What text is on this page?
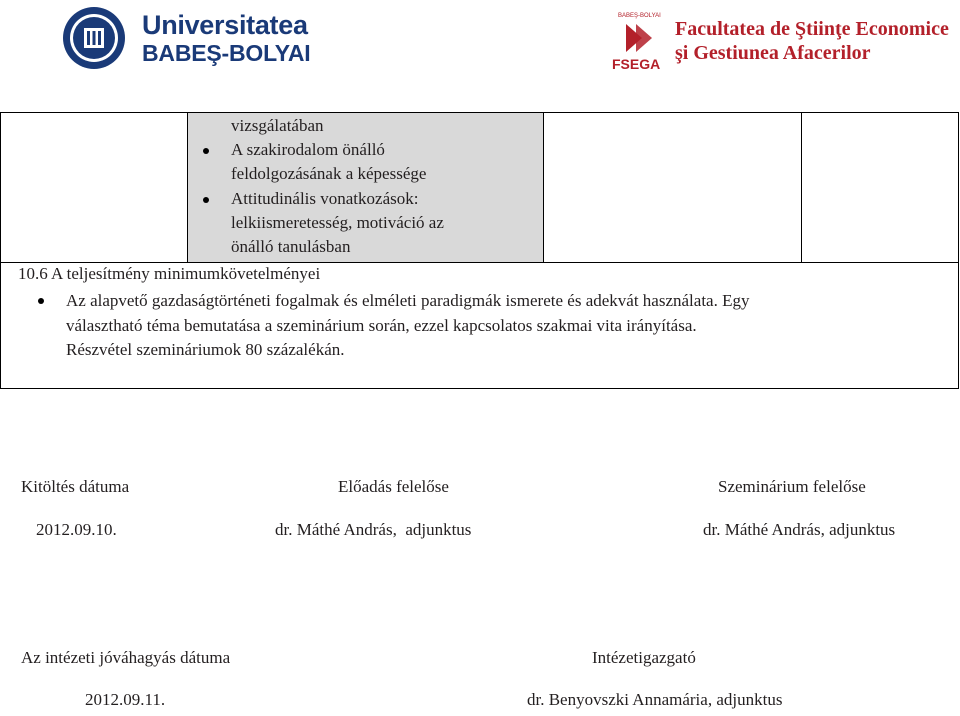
Universitatea
BABEŞ-BOLYAI
BABEŞ-BOLYAI
FSEGA
Facultatea de Ştiinţe Economice
şi Gestiunea Afacerilor
vizsgálatában
A szakirodalom önálló
feldolgozásának a képessége
Attitudinális vonatkozások:
lelkiismeretesség, motiváció az
önálló tanulásban
10.6 A teljesítmény minimumkövetelményei
Az alapvető gazdaságtörténeti fogalmak és elméleti paradigmák ismerete és adekvát használata. Egy
választható téma bemutatása a szeminárium során, ezzel kapcsolatos szakmai vita irányítása.
Részvétel szemináriumok 80 százalékán.
Kitöltés dátuma	Előadás felelőse	Szeminárium felelőse
2012.09.10.	dr. Máthé András,  adjunktus	dr. Máthé András, adjunktus
Az intézeti jóváhagyás dátuma	Intézetigazgató
2012.09.11.	dr. Benyovszki Annamária, adjunktus
